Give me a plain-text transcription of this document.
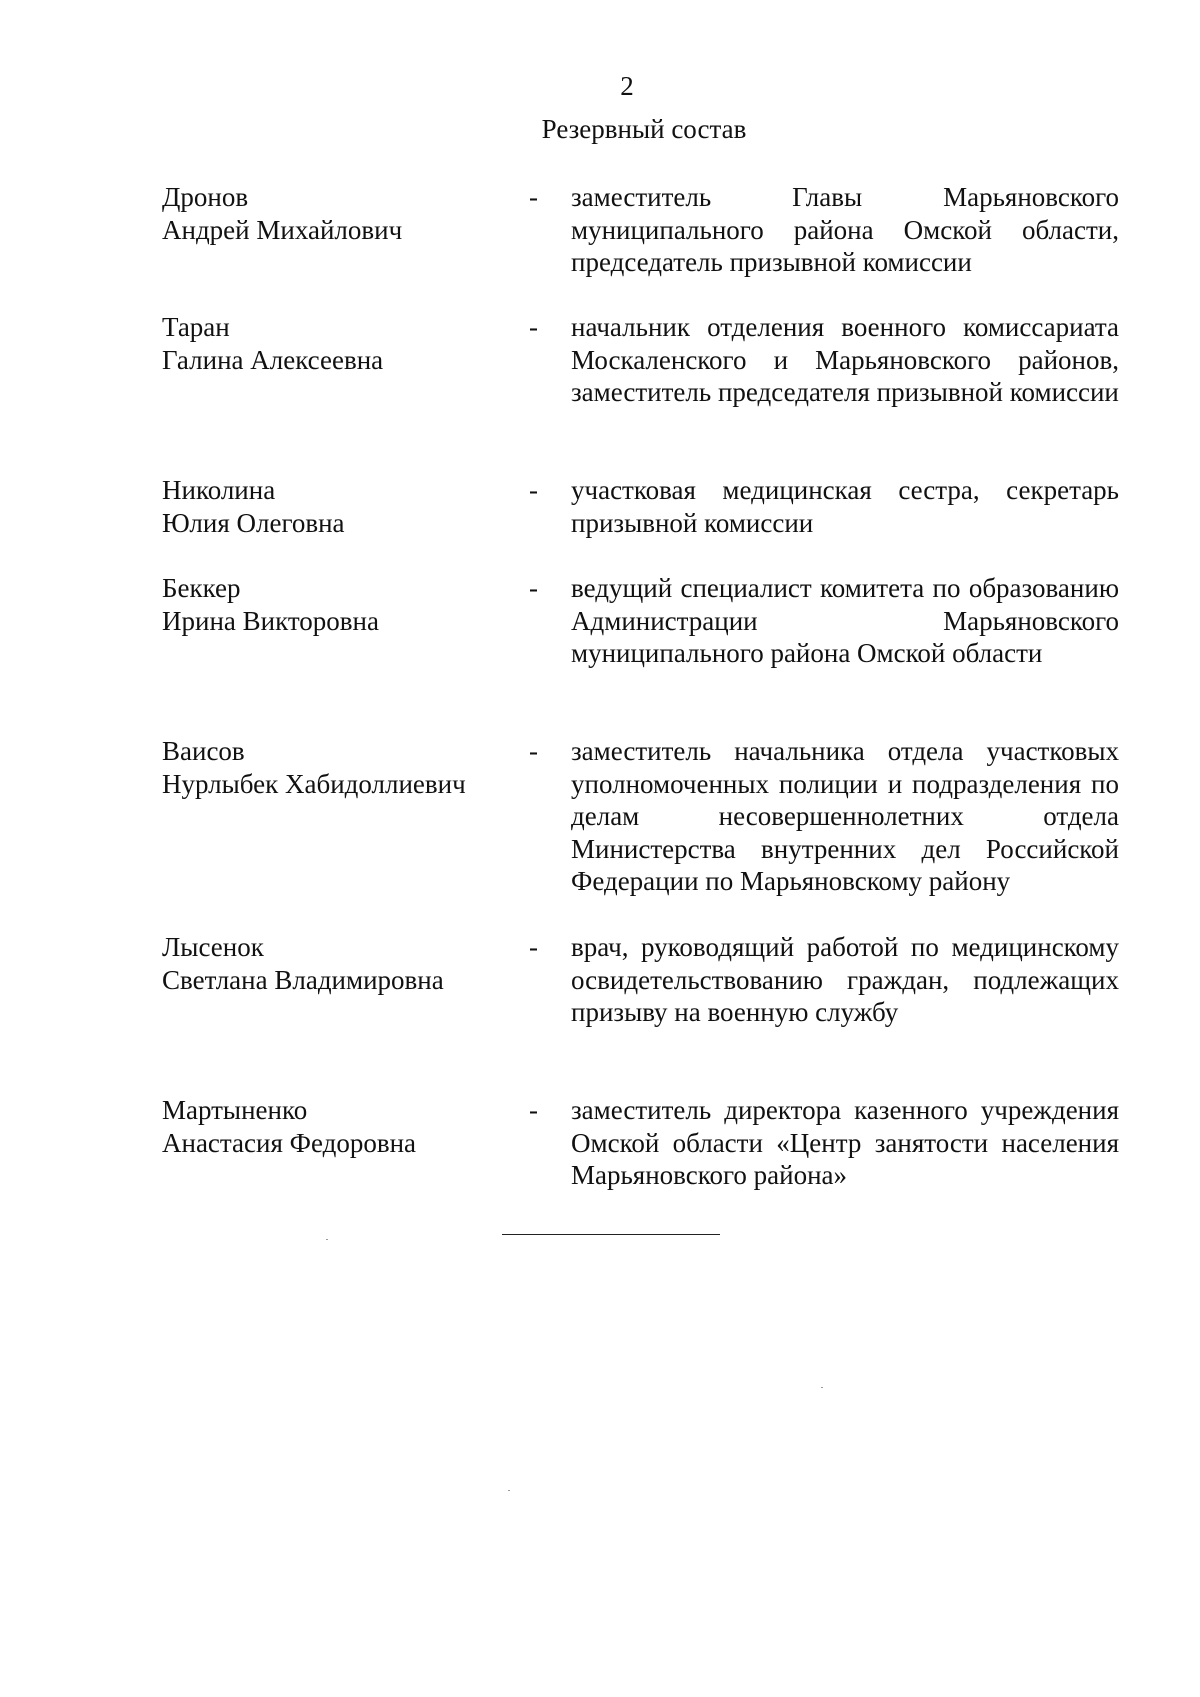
2
Резервный состав
Дронов
Андрей Михайлович
-	заместитель Главы Марьяновского муниципального района Омской области, председатель призывной комиссии
Таран
Галина Алексеевна
-	начальник отделения военного комиссариата Москаленского и Марьяновского районов, заместитель председателя призывной комиссии
Николина
Юлия Олеговна
-	участковая медицинская сестра, секретарь призывной комиссии
Беккер
Ирина Викторовна
-	ведущий специалист комитета по образованию Администрации Марьяновского муниципального района Омской области
Ваисов
Нурлыбек Хабидоллиевич
-	заместитель начальника отдела участковых уполномоченных полиции и подразделения по делам несовершеннолетних отдела Министерства внутренних дел Российской Федерации по Марьяновскому району
Лысенок
Светлана Владимировна
-	врач, руководящий работой по медицинскому освидетельствованию граждан, подлежащих призыву на военную службу
Мартыненко
Анастасия Федоровна
-	заместитель директора казенного учреждения Омской области «Центр занятости населения Марьяновского района»
